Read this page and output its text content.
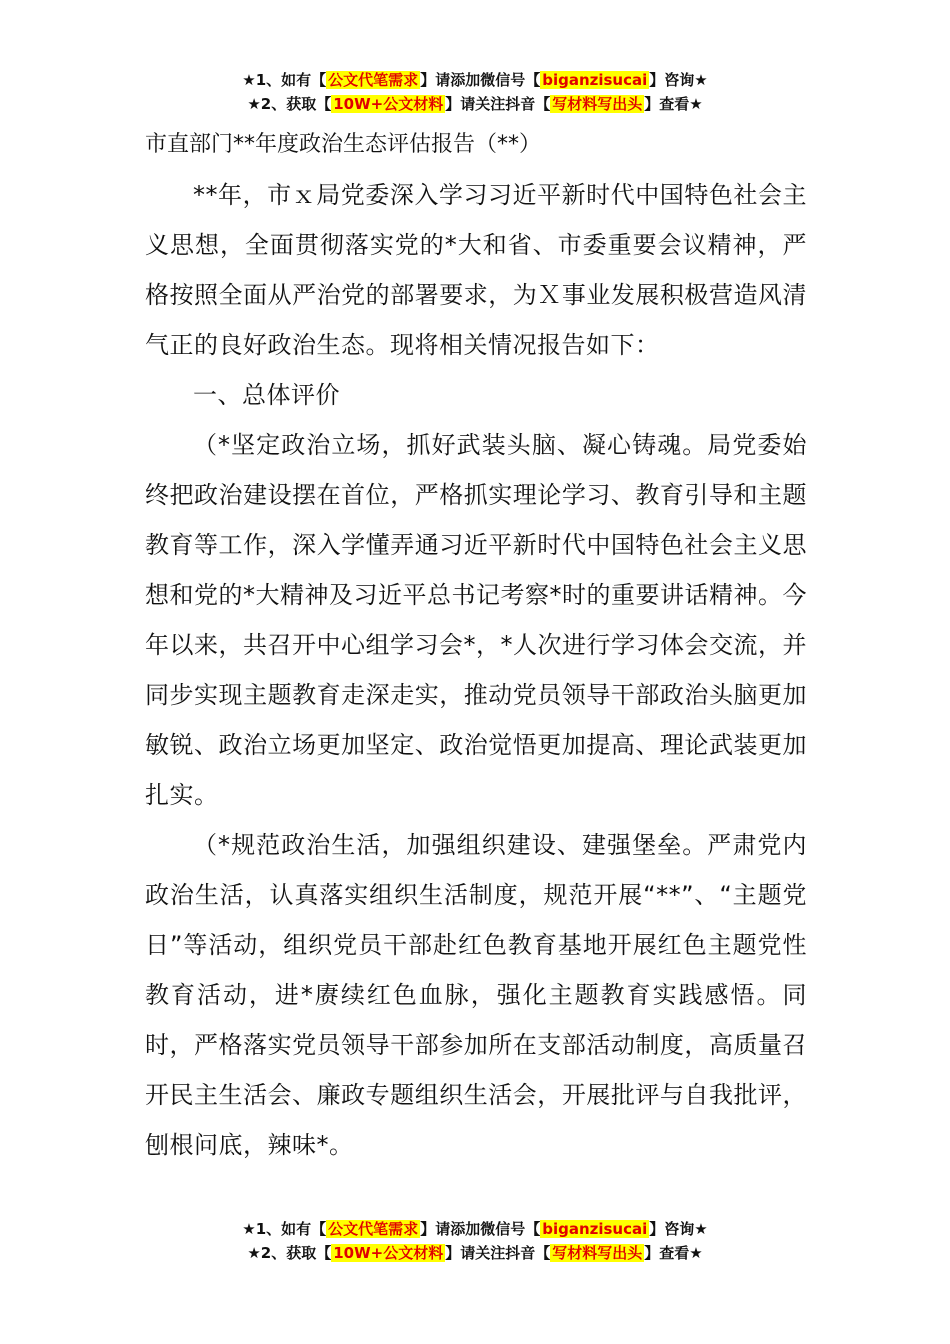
★1、如有【 公文代笔需求 】请添加微信号【 biganzisucai 】咨询★
★2、获取【 10W+公文材料 】请关注抖音【 写材料写出头 】查看★
市直部门**年度政治生态评估报告（**）

**年，市ｘ局党委深入学习习近平新时代中国特色社会主义思想，全面贯彻落实党的*大和省、市委重要会议精神，严格按照全面从严治党的部署要求，为Ｘ事业发展积极营造风清气正的良好政治生态。现将相关情况报告如下：

一、总体评价

（*坚定政治立场，抓好武装头脑、凝心铸魂。局党委始终把政治建设摆在首位，严格抓实理论学习、教育引导和主题教育等工作，深入学懂弄通习近平新时代中国特色社会主义思想和党的*大精神及习近平总书记考察*时的重要讲话精神。今年以来，共召开中心组学习会*，*人次进行学习体会交流，并同步实现主题教育走深走实，推动党员领导干部政治头脑更加敏锐、政治立场更加坚定、政治觉悟更加提高、理论武装更加扎实。

（*规范政治生活，加强组织建设、建强堡垒。严肃党内政治生活，认真落实组织生活制度，规范开展“**”、“主题党日”等活动，组织党员干部赴红色教育基地开展红色主题党性教育活动，进*赓续红色血脉，强化主题教育实践感悟。同时，严格落实党员领导干部参加所在支部活动制度，高质量召开民主生活会、廉政专题组织生活会，开展批评与自我批评，刨根问底，辣味*。

★1、如有【 公文代笔需求 】请添加微信号【 biganzisucai 】咨询★
★2、获取【 10W+公文材料 】请关注抖音【 写材料写出头 】查看★
